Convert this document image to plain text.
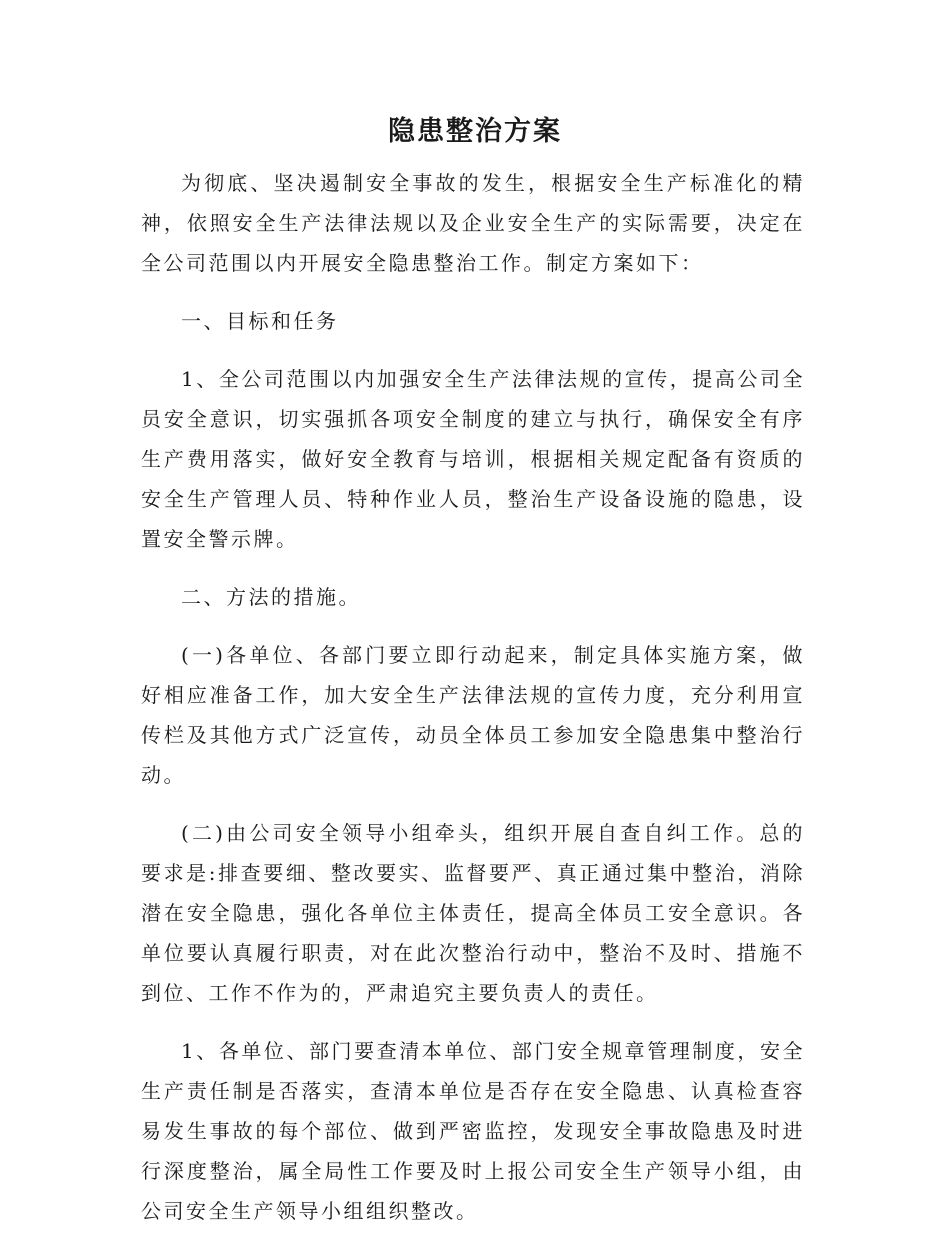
隐患整治方案

为彻底、坚决遏制安全事故的发生，根据安全生产标准化的精神，依照安全生产法律法规以及企业安全生产的实际需要，决定在全公司范围以内开展安全隐患整治工作。制定方案如下：

一、目标和任务

1、全公司范围以内加强安全生产法律法规的宣传，提高公司全员安全意识，切实强抓各项安全制度的建立与执行，确保安全有序生产费用落实，做好安全教育与培训，根据相关规定配备有资质的安全生产管理人员、特种作业人员，整治生产设备设施的隐患，设置安全警示牌。

二、方法的措施。

(一)各单位、各部门要立即行动起来，制定具体实施方案，做好相应准备工作，加大安全生产法律法规的宣传力度，充分利用宣传栏及其他方式广泛宣传，动员全体员工参加安全隐患集中整治行动。

(二)由公司安全领导小组牵头，组织开展自查自纠工作。总的要求是:排查要细、整改要实、监督要严、真正通过集中整治，消除潜在安全隐患，强化各单位主体责任，提高全体员工安全意识。各单位要认真履行职责，对在此次整治行动中，整治不及时、措施不到位、工作不作为的，严肃追究主要负责人的责任。

1、各单位、部门要查清本单位、部门安全规章管理制度，安全生产责任制是否落实，查清本单位是否存在安全隐患、认真检查容易发生事故的每个部位、做到严密监控，发现安全事故隐患及时进行深度整治，属全局性工作要及时上报公司安全生产领导小组，由公司安全生产领导小组组织整改。
